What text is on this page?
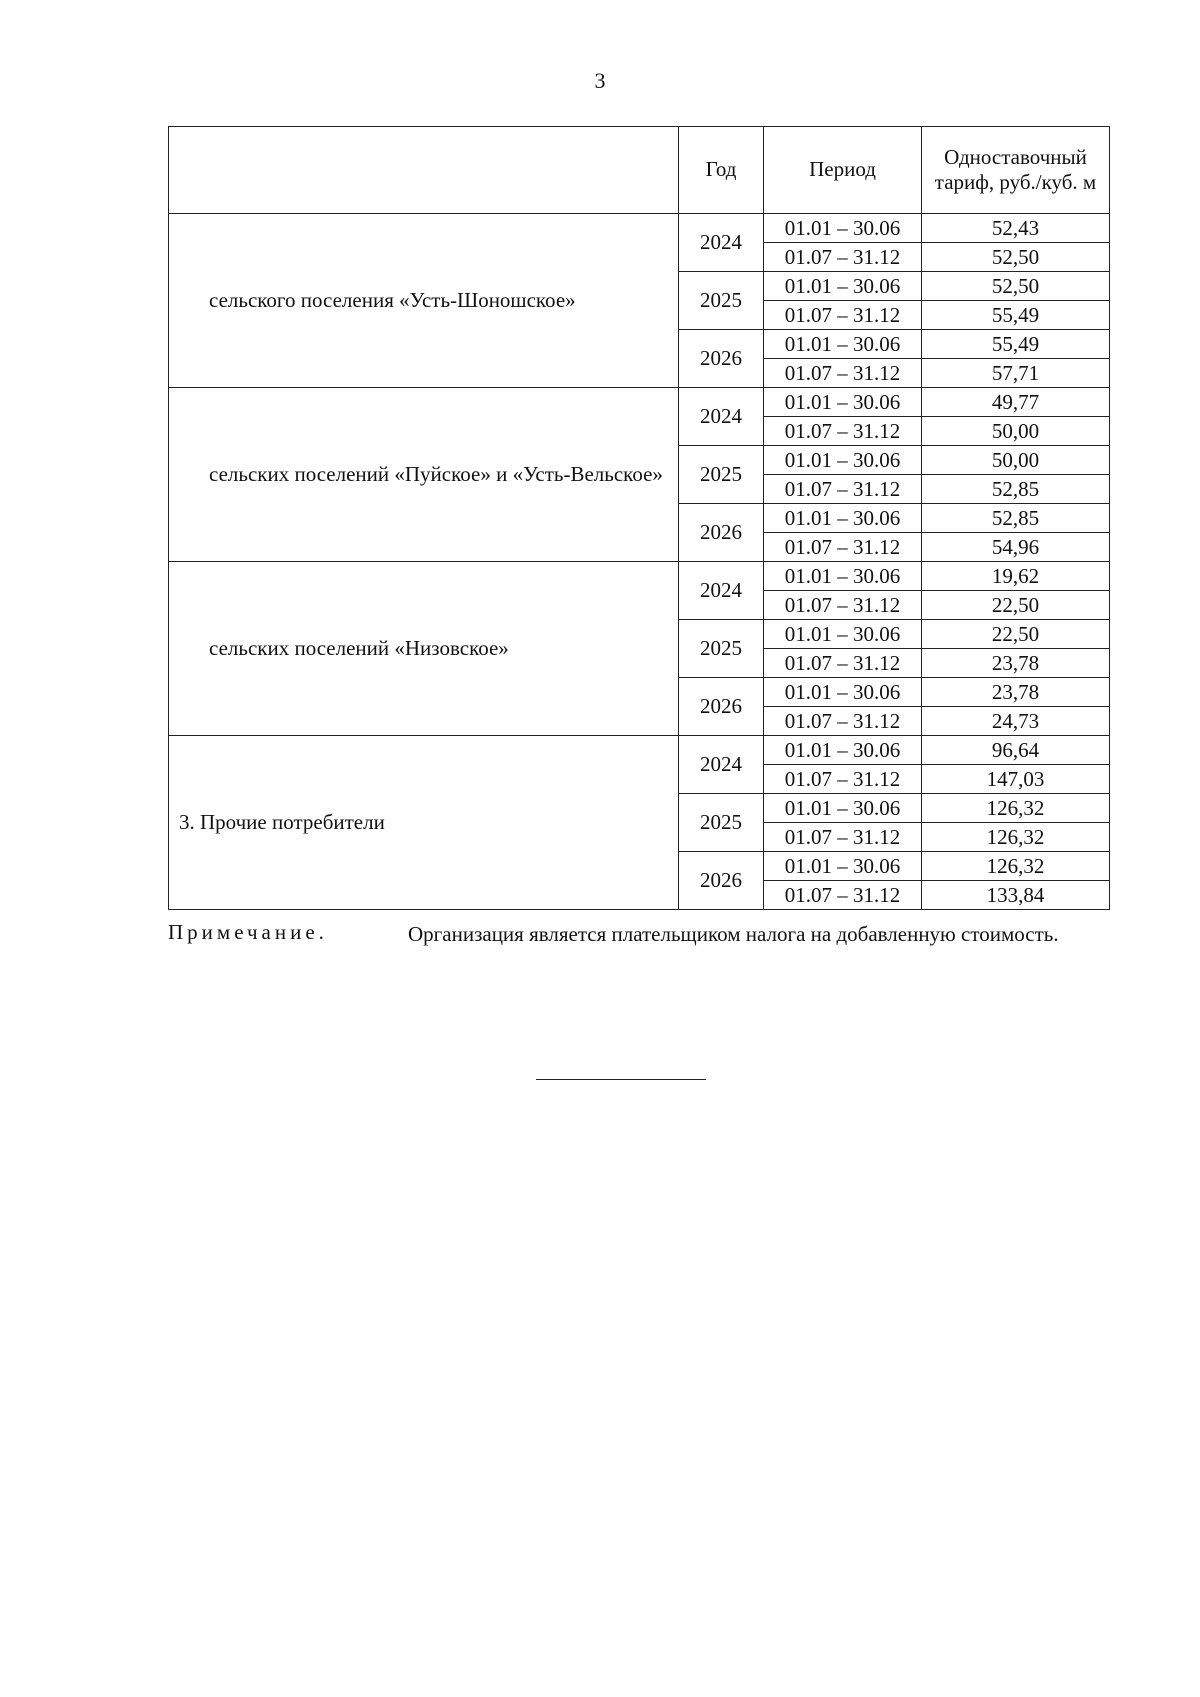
3
	Год	Период	Одноставочный тариф, руб./куб. м
сельского поселения «Усть-Шоношское»	2024	01.01 – 30.06	52,43
		01.07 – 31.12	52,50
	2025	01.01 – 30.06	52,50
		01.07 – 31.12	55,49
	2026	01.01 – 30.06	55,49
		01.07 – 31.12	57,71
сельских поселений «Пуйское» и «Усть-Вельское»	2024	01.01 – 30.06	49,77
		01.07 – 31.12	50,00
	2025	01.01 – 30.06	50,00
		01.07 – 31.12	52,85
	2026	01.01 – 30.06	52,85
		01.07 – 31.12	54,96
сельских поселений «Низовское»	2024	01.01 – 30.06	19,62
		01.07 – 31.12	22,50
	2025	01.01 – 30.06	22,50
		01.07 – 31.12	23,78
	2026	01.01 – 30.06	23,78
		01.07 – 31.12	24,73
3. Прочие потребители	2024	01.01 – 30.06	96,64
		01.07 – 31.12	147,03
	2025	01.01 – 30.06	126,32
		01.07 – 31.12	126,32
	2026	01.01 – 30.06	126,32
		01.07 – 31.12	133,84
Примечание.	Организация является плательщиком налога на добавленную стоимость.
